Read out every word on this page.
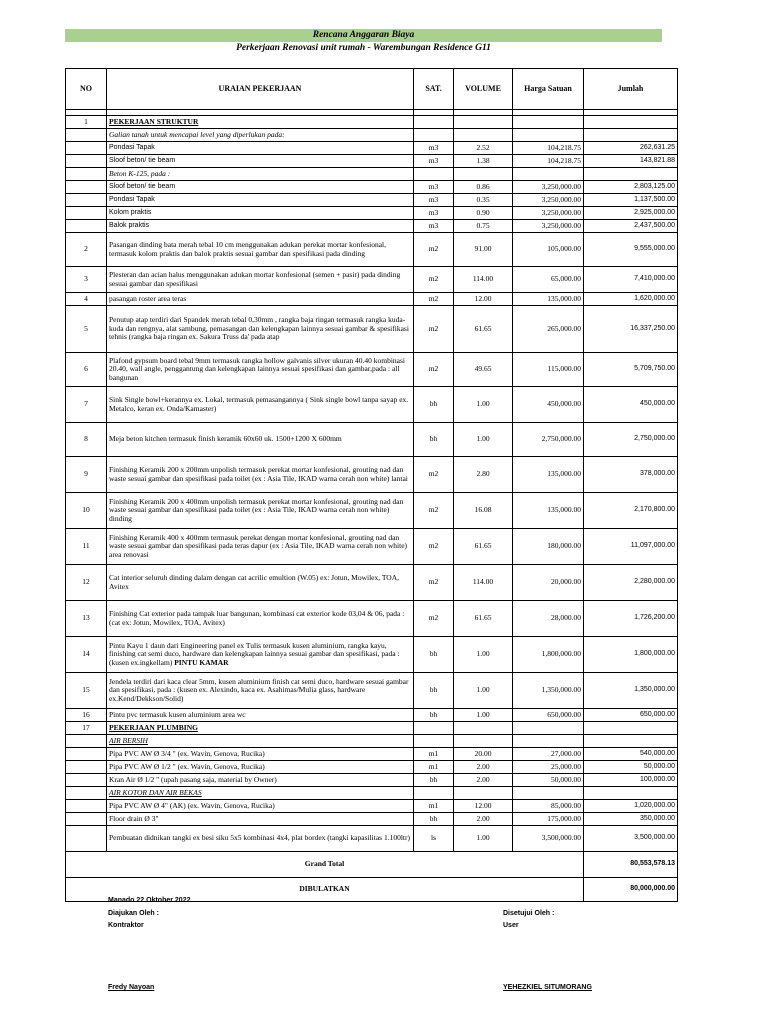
Rencana Anggaran Biaya
Perkerjaan Renovasi unit rumah - Warembungan Residence G11
NO	URAIAN PEKERJAAN	SAT.	VOLUME	Harga Satuan	Jumlah

1	PEKERJAAN STRUKTUR				
	Galian tanah untuk mencapai level yang diperlukan pada:				
	Pondasi Tapak	m3	2.52	104,218.75	262,631.25
	Sloof beton/ tie beam	m3	1.38	104,218.75	143,821.88
	Beton K-125, pada :				
	Sloof beton/ tie beam	m3	0.86	3,250,000.00	2,803,125.00
	Pondasi Tapak	m3	0.35	3,250,000.00	1,137,500.00
	Kolom praktis	m3	0.90	3,250,000.00	2,925,000.00
	Balok praktis	m3	0.75	3,250,000.00	2,437,500.00
2	Pasangan dinding bata merah tebal 10 cm menggunakan adukan perekat mortar konfesional, termasuk kolom praktis dan balok praktis sesuai gambar dan spesifikasi pada dinding	m2	91.00	105,000.00	9,555,000.00
3	Plesteran dan acian halus menggunakan adukan mortar konfesional (semen + pasir) pada dinding sesuai gambar dan spesifikasi	m2	114.00	65,000.00	7,410,000.00
4	pasangan roster area teras	m2	12.00	135,000.00	1,620,000.00
5	Penutup atap terdiri dari Spandek merah tebal 0,30mm , rangka baja ringan termasuk rangka kuda-kuda dan rengnya, alat sambung, pemasangan dan kelengkapan lainnya sesuai gambar & spesifikasi tehnis (rangka baja ringan ex. Sakura Truss da' pada atap	m2	61.65	265,000.00	16,337,250.00
6	Plafond gypsum board tebal 9mm termasuk rangka hollow galvanis silver ukuran 40.40 kombinasi 20.40, wall angle, penggantung dan kelengkapan lainnya sesuai spesifikasi dan gambar,pada : all bangunan	m2	49.65	115,000.00	5,709,750.00
7	Sink Single bowl+kerannya ex. Lokal, termasuk pemasangannya ( Sink single bowl tanpa sayap ex. Metalco, keran ex. Onda/Kamaster)	bh	1.00	450,000.00	450,000.00
8	Meja beton kitchen termasuk finish keramik 60x60 uk. 1500+1200 X 600mm	bh	1.00	2,750,000.00	2,750,000.00
9	Finishing Keramik 200 x 200mm unpolish termasuk perekat mortar konfesional, grouting nad dan waste sesuai gambar dan spesifikasi pada toilet (ex : Asia Tile, IKAD warna cerah non white) lantai	m2	2.80	135,000.00	378,000.00
10	Finishing Keramik 200 x 400mm unpolish termasuk perekat mortar konfesional, grouting nad dan waste sesuai gambar dan spesifikasi pada toilet (ex : Asia Tile, IKAD warna cerah non white) dinding	m2	16.08	135,000.00	2,170,800.00
11	Finishing Keramik 400 x 400mm termasuk perekat dengan mortar konfesional, grouting nad dan waste sesuai gambar dan spesifikasi pada teras dapur (ex : Asia Tile, IKAD warna cerah non white) area renovasi	m2	61.65	180,000.00	11,097,000.00
12	Cat interior seluruh dinding dalam dengan cat acrilic emultion (W.05) ex: Jotun, Mowilex, TOA, Avitex	m2	114.00	20,000.00	2,280,000.00
13	Finishing Cat exterior pada tampak luar bangunan, kombinasi cat exterior kode 03,04 & 06, pada : (cat ex: Jotun, Mowilex, TOA, Avitex)	m2	61.65	28,000.00	1,726,200.00
14	Pintu Kayu 1 daun dari Engineering panel ex Tulis termasuk kusen aluminium, rangka kayu, finishing cat semi duco, hardware dan kelengkapan lainnya sesuai gambar dan spesifikasi, pada : (kusen ex.ingkellam) PINTU KAMAR	bh	1.00	1,800,000.00	1,800,000.00
15	Jendela terdiri dari kaca clear 5mm, kusen aluminium finish cat semi duco, hardware sesuai gambar dan spesifikasi, pada : (kusen ex. Alexindo, kaca ex. Asahimas/Mulia glass, hardware ex.Kend/Dekkson/Solid)	bh	1.00	1,350,000.00	1,350,000.00
16	Pintu pvc termasuk kusen aluminium area wc	bh	1.00	650,000.00	650,000.00
17	PEKERJAAN PLUMBING				
	AIR BERSIH				
	Pipa PVC AW Ø 3/4 " (ex. Wavin, Genova, Rucika)	m1	20.00	27,000.00	540,000.00
	Pipa PVC AW Ø 1/2 " (ex. Wavin, Genova, Rucika)	m1	2.00	25,000.00	50,000.00
	Kran Air Ø 1/2 " (upah pasang saja, material by Owner)	bh	2.00	50,000.00	100,000.00
	AIR KOTOR DAN AIR BEKAS				
	Pipa PVC AW Ø 4" (AK) (ex. Wavin, Genova, Rucika)	m1	12.00	85,000.00	1,020,000.00
	Floor drain Ø 3"	bh	2.00	175,000.00	350,000.00
	Pembuatan didnikan tangki ex besi siku 5x5 kombinasi 4x4, plat bordex (tangki kapasilitas 1.100ltr)	ls	1.00	3,500,000.00	3,500,000.00
Grand Total					80,553,578.13
DIBULATKAN					80,000,000.00
Manado 22 Oktober 2022
Diajukan Oleh :
Kontraktor
Disetujui Oleh :
User
Fredy Nayoan	YEHEZKIEL SITUMORANG
